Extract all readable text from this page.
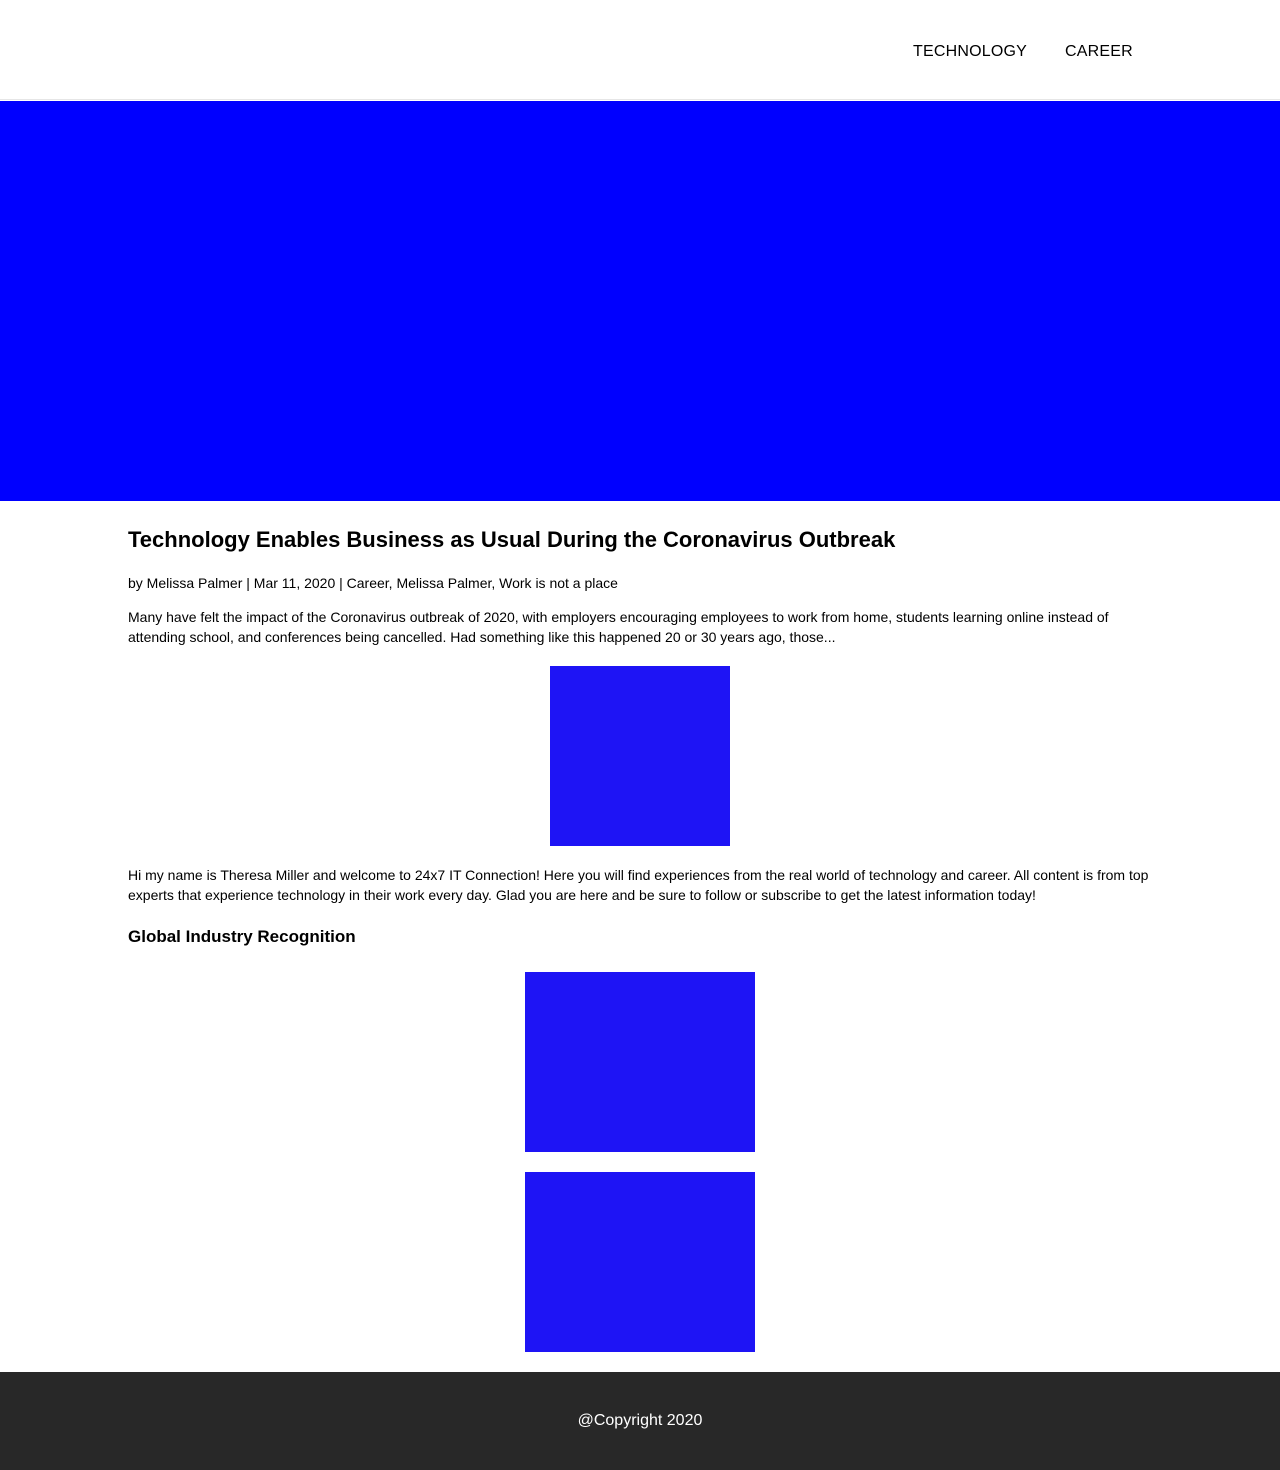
TECHNOLOGY CAREER
Technology Enables Business as Usual During the Coronavirus Outbreak

by Melissa Palmer | Mar 11, 2020 | Career, Melissa Palmer, Work is not a place

Many have felt the impact of the Coronavirus outbreak of 2020, with employers encouraging employees to work from home, students learning online instead of attending school, and conferences being cancelled. Had something like this happened 20 or 30 years ago, those...

Hi my name is Theresa Miller and welcome to 24x7 IT Connection! Here you will find experiences from the real world of technology and career. All content is from top experts that experience technology in their work every day. Glad you are here and be sure to follow or subscribe to get the latest information today!

Global Industry Recognition

@Copyright 2020
